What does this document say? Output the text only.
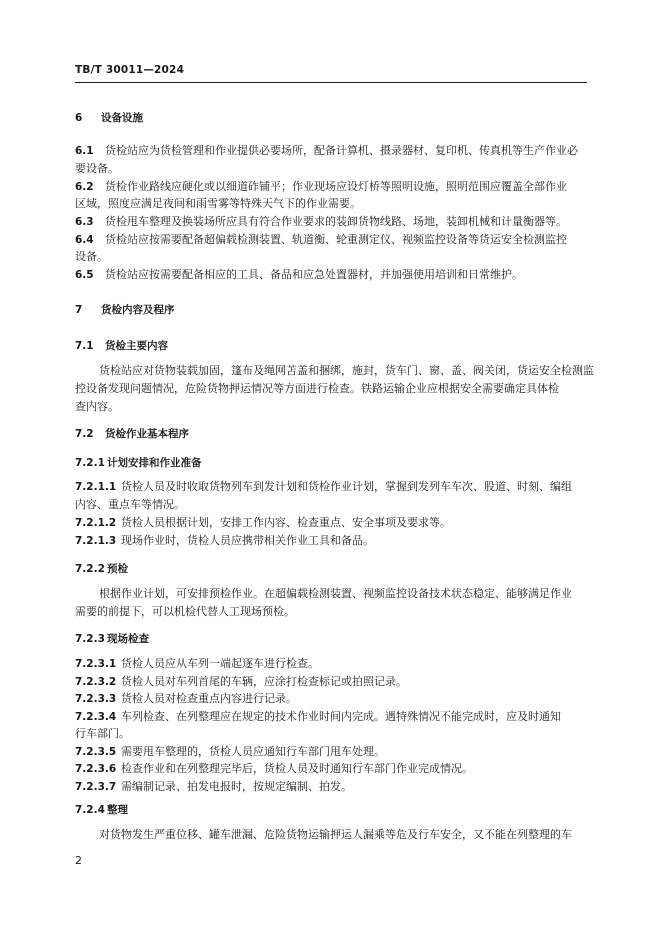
TB/T 30011—2024
6 设备设施
6.1 货检站应为货检管理和作业提供必要场所，配备计算机、摄录器材、复印机、传真机等生产作业必
要设备。
6.2 货检作业路线应硬化或以细道砟铺平；作业现场应设灯桥等照明设施，照明范围应覆盖全部作业
区域，照度应满足夜间和雨雪雾等特殊天气下的作业需要。
6.3 货检甩车整理及换装场所应具有符合作业要求的装卸货物线路、场地，装卸机械和计量衡器等。
6.4 货检站应按需要配备超偏载检测装置、轨道衡、轮重测定仪、视频监控设备等货运安全检测监控
设备。
6.5 货检站应按需要配备相应的工具、备品和应急处置器材，并加强使用培训和日常维护。
7 货检内容及程序
7.1 货检主要内容
货检站应对货物装载加固，篷布及绳网苫盖和捆绑，施封，货车门、窗、盖、阀关闭，货运安全检测监
控设备发现问题情况，危险货物押运情况等方面进行检查。铁路运输企业应根据安全需要确定具体检
查内容。
7.2 货检作业基本程序
7.2.1 计划安排和作业准备
7.2.1.1 货检人员及时收取货物列车到发计划和货检作业计划，掌握到发列车车次、股道、时刻、编组
内容、重点车等情况。
7.2.1.2 货检人员根据计划，安排工作内容、检查重点、安全事项及要求等。
7.2.1.3 现场作业时，货检人员应携带相关作业工具和备品。
7.2.2 预检
根据作业计划，可安排预检作业。在超偏载检测装置、视频监控设备技术状态稳定、能够满足作业
需要的前提下，可以机检代替人工现场预检。
7.2.3 现场检查
7.2.3.1 货检人员应从车列一端起逐车进行检查。
7.2.3.2 货检人员对车列首尾的车辆，应涂打检查标记或拍照记录。
7.2.3.3 货检人员对检查重点内容进行记录。
7.2.3.4 车列检查、在列整理应在规定的技术作业时间内完成。遇特殊情况不能完成时，应及时通知
行车部门。
7.2.3.5 需要甩车整理的，货检人员应通知行车部门甩车处理。
7.2.3.6 检查作业和在列整理完毕后，货检人员及时通知行车部门作业完成情况。
7.2.3.7 需编制记录、拍发电报时，按规定编制、拍发。
7.2.4 整理
对货物发生严重位移、罐车泄漏、危险货物运输押运人漏乘等危及行车安全，又不能在列整理的车
2
